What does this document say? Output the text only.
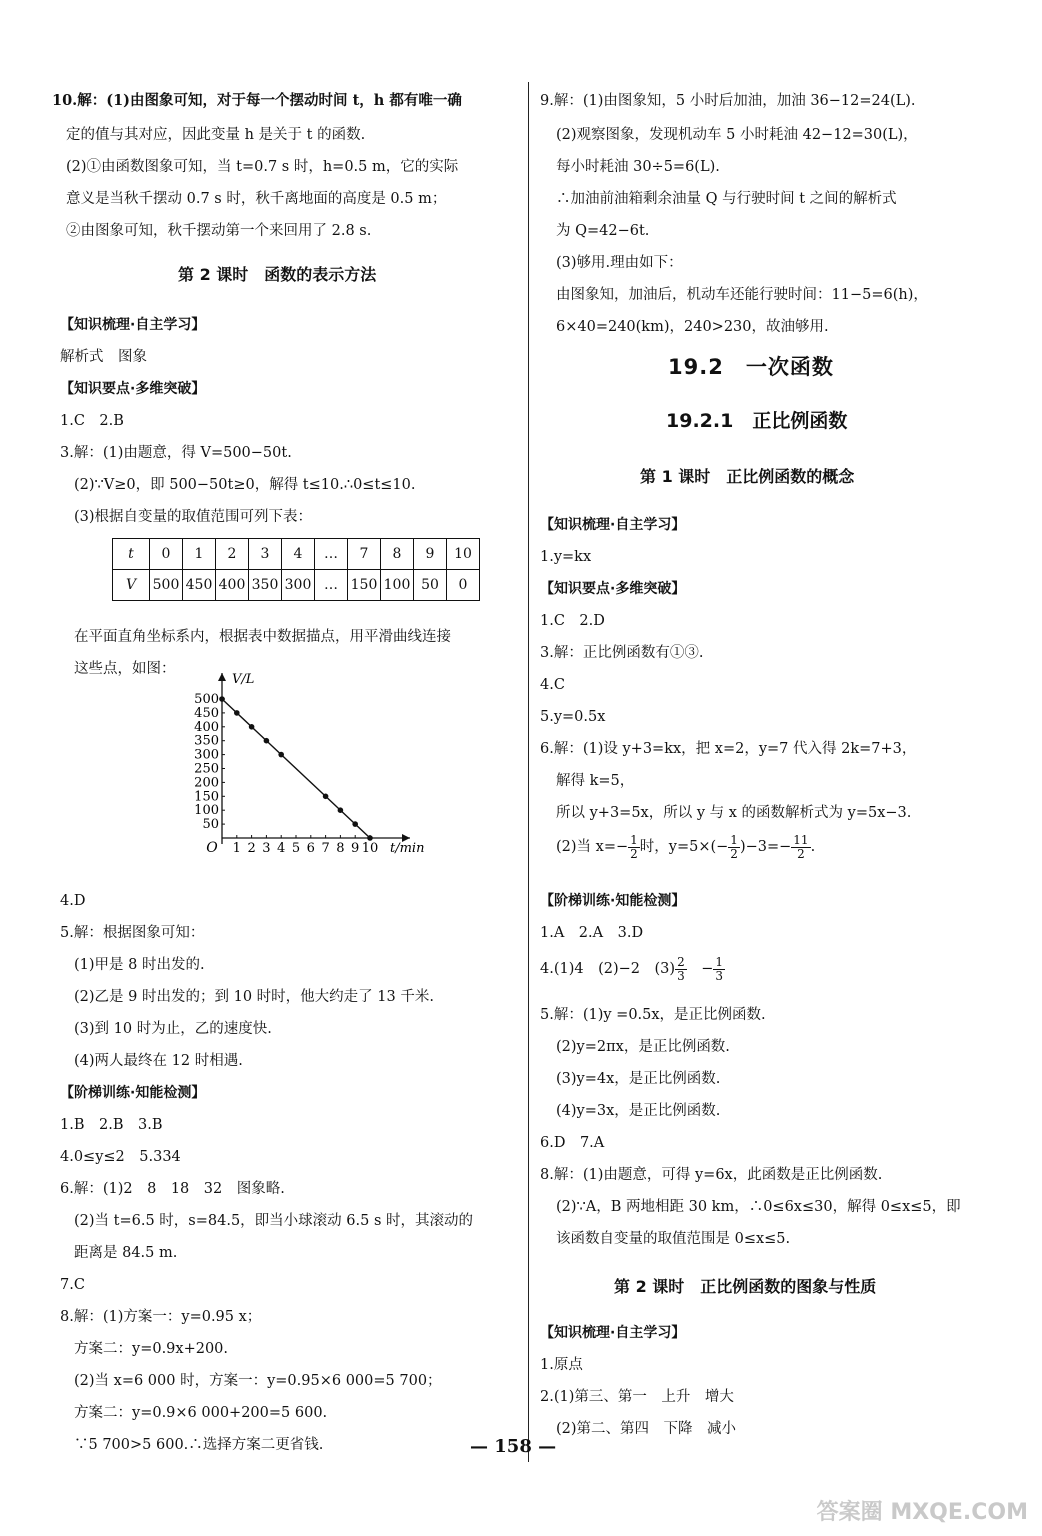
10.解：(1)由图象可知，对于每一个摆动时间 t，h 都有唯一确
定的值与其对应，因此变量 h 是关于 t 的函数.
(2)①由函数图象可知，当 t=0.7 s 时，h=0.5 m，它的实际
意义是当秋千摆动 0.7 s 时，秋千离地面的高度是 0.5 m；
②由图象可知，秋千摆动第一个来回用了 2.8 s.
第 2 课时　函数的表示方法
【知识梳理·自主学习】
解析式　图象
【知识要点·多维突破】
1.C　2.B
3.解：(1)由题意，得 V=500−50t.
(2)∵V≥0，即 500−50t≥0，解得 t≤10.∴0≤t≤10.
(3)根据自变量的取值范围可列下表：
t	0	1	2	3	4	…	7	8	9	10
V	500	450	400	350	300	…	150	100	50	0
在平面直角坐标系内，根据表中数据描点，用平滑曲线连接
这些点，如图：
1 2 3 4 5 6 7 8 9 10
50
100
150
200
250
300
350
400
450
500
O	t/min
V/L
4.D
5.解：根据图象可知：
(1)甲是 8 时出发的.
(2)乙是 9 时出发的；到 10 时时，他大约走了 13 千米.
(3)到 10 时为止，乙的速度快.
(4)两人最终在 12 时相遇.
【阶梯训练·知能检测】
1.B　2.B　3.B
4.0≤y≤2　5.334
6.解：(1)2　8　18　32　图象略.
(2)当 t=6.5 时，s=84.5，即当小球滚动 6.5 s 时，其滚动的
距离是 84.5 m.
7.C
8.解：(1)方案一：y=0.95 x；
方案二：y=0.9x+200.
(2)当 x=6 000 时，方案一：y=0.95×6 000=5 700；
方案二：y=0.9×6 000+200=5 600.
∵5 700>5 600.∴选择方案二更省钱.
9.解：(1)由图象知，5 小时后加油，加油 36−12=24(L).
(2)观察图象，发现机动车 5 小时耗油 42−12=30(L)，
每小时耗油 30÷5=6(L).
∴加油前油箱剩余油量 Q 与行驶时间 t 之间的解析式
为 Q=42−6t.
(3)够用.理由如下：
由图象知，加油后，机动车还能行驶时间：11−5=6(h)，
6×40=240(km)，240>230，故油够用.
19.2　一次函数
19.2.1　正比例函数
第 1 课时　正比例函数的概念
【知识梳理·自主学习】
1.y=kx
【知识要点·多维突破】
1.C　2.D
3.解：正比例函数有①③.
4.C
5.y=0.5x
6.解：(1)设 y+3=kx，把 x=2，y=7 代入得 2k=7+3，
解得 k=5，
所以 y+3=5x，所以 y 与 x 的函数解析式为 y=5x−3.
(2)当 $x=- \frac{1}{2}$ 时，$y=5\times(- \frac{1}{2} )-3=- \frac{11}{2}$ .
【阶梯训练·知能检测】
1.A　2.A　3.D
4.(1)4　(2)−2　$(3) \frac{2}{3}$ 　− $\frac{1}{3}$
5.解：(1)y =0.5x，是正比例函数.
(2)y=2πx，是正比例函数.
(3)y=4x，是正比例函数.
(4)y=3x，是正比例函数.
6.D　7.A
8.解：(1)由题意，可得 y=6x，此函数是正比例函数.
(2)∵A，B 两地相距 30 km，∴0≤6x≤30，解得 0≤x≤5，即
该函数自变量的取值范围是 0≤x≤5.
第 2 课时　正比例函数的图象与性质
【知识梳理·自主学习】
1.原点
2.(1)第三、第一　上升　增大
(2)第二、第四　下降　减小
— 158 —
答案圈 MXQE.COM
